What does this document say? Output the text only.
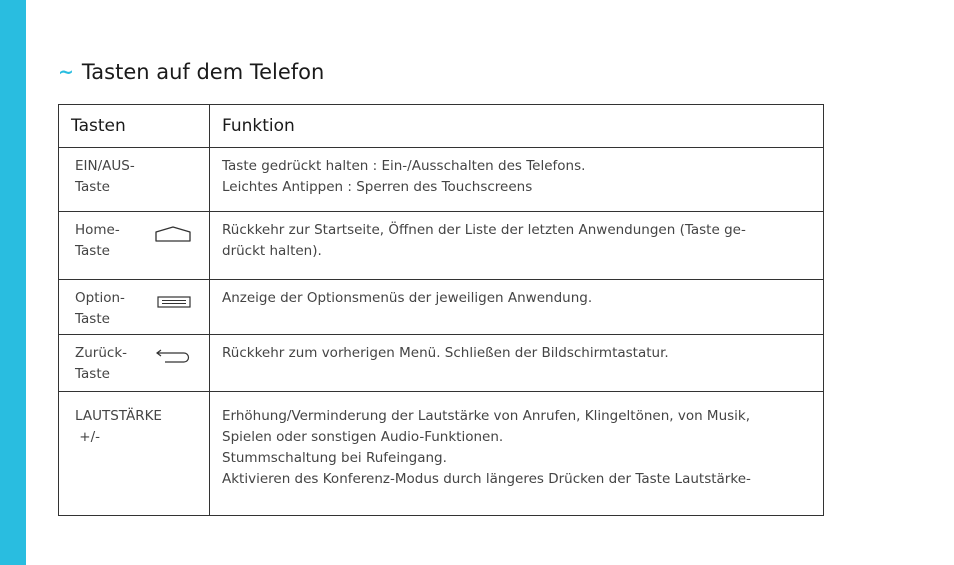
~ Tasten auf dem Telefon
Tasten	Funktion

EIN/AUS-
Taste	Taste gedrückt halten : Ein-/Ausschalten des Telefons.
Leichtes Antippen : Sperren des Touchscreens

Home-
Taste	Rückkehr zur Startseite, Öffnen der Liste der letzten Anwendungen (Taste ge-
drückt halten).

Option-
Taste	Anzeige der Optionsmenüs der jeweiligen Anwendung.

Zurück-
Taste	Rückkehr zum vorherigen Menü. Schließen der Bildschirmtastatur.

LAUTSTÄRKE
+/-	Erhöhung/Verminderung der Lautstärke von Anrufen, Klingeltönen, von Musik,
Spielen oder sonstigen Audio-Funktionen.
Stummschaltung bei Rufeingang.
Aktivieren des Konferenz-Modus durch längeres Drücken der Taste Lautstärke-
